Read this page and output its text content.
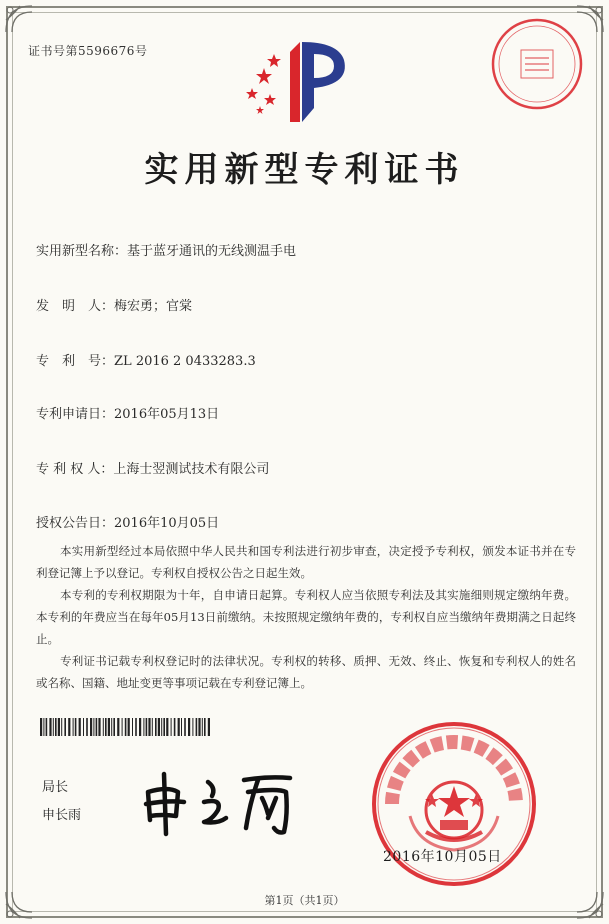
证书号第5596676号
实用新型专利证书
实用新型名称：基于蓝牙通讯的无线测温手电
发　明　人：梅宏勇；官棠
专　利　号：ZL 2016 2 0433283.3
专利申请日：2016年05月13日
专 利 权 人：上海士翌测试技术有限公司
授权公告日：2016年10月05日
本实用新型经过本局依照中华人民共和国专利法进行初步审查，决定授予专利权，颁发本证书并在专利登记簿上予以登记。专利权自授权公告之日起生效。
本专利的专利权期限为十年，自申请日起算。专利权人应当依照专利法及其实施细则规定缴纳年费。本专利的年费应当在每年05月13日前缴纳。未按照规定缴纳年费的，专利权自应当缴纳年费期满之日起终止。
专利证书记载专利权登记时的法律状况。专利权的转移、质押、无效、终止、恢复和专利权人的姓名或名称、国籍、地址变更等事项记载在专利登记簿上。
局长
申长雨
2016年10月05日
第1页（共1页）
